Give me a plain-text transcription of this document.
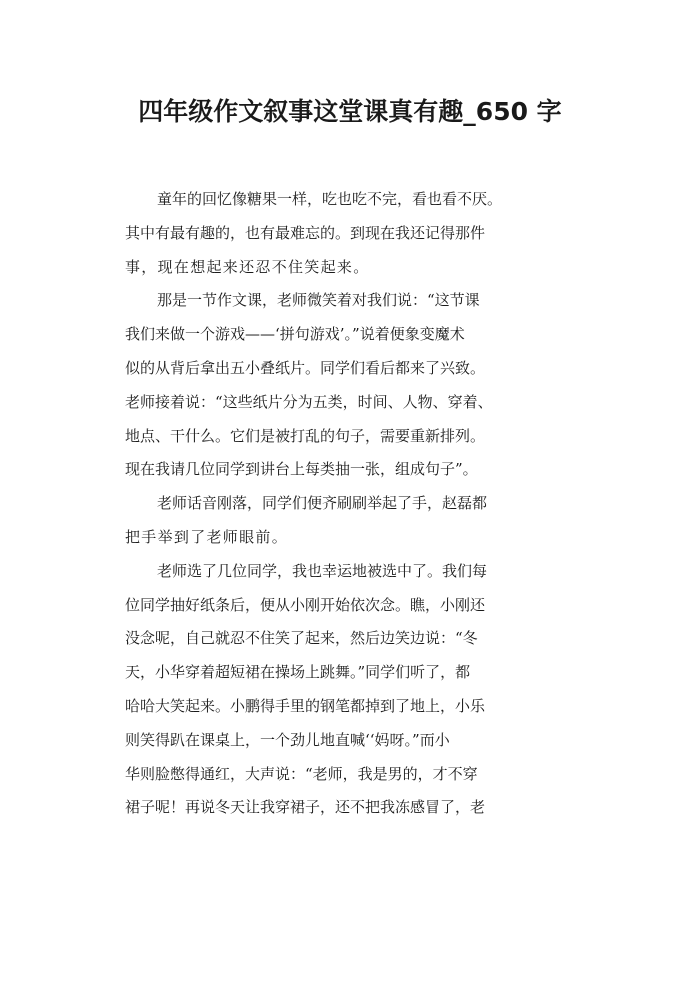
四年级作文叙事这堂课真有趣_650 字
童年的回忆像糖果一样，吃也吃不完，看也看不厌。
其中有最有趣的，也有最难忘的。到现在我还记得那件
事，现在想起来还忍不住笑起来。
那是一节作文课，老师微笑着对我们说：“这节课
我们来做一个游戏——‘拼句游戏’。”说着便象变魔术
似的从背后拿出五小叠纸片。同学们看后都来了兴致。
老师接着说：“这些纸片分为五类，时间、人物、穿着、
地点、干什么。它们是被打乱的句子，需要重新排列。
现在我请几位同学到讲台上每类抽一张，组成句子”。
老师话音刚落，同学们便齐刷刷举起了手，赵磊都
把手举到了老师眼前。
老师选了几位同学，我也幸运地被选中了。我们每
位同学抽好纸条后，便从小刚开始依次念。瞧，小刚还
没念呢，自己就忍不住笑了起来，然后边笑边说：“冬
天，小华穿着超短裙在操场上跳舞。”同学们听了，都
哈哈大笑起来。小鹏得手里的钢笔都掉到了地上，小乐
则笑得趴在课桌上，一个劲儿地直喊‘‘妈呀。”而小
华则脸憋得通红，大声说：“老师，我是男的，才不穿
裙子呢！再说冬天让我穿裙子，还不把我冻感冒了，老
